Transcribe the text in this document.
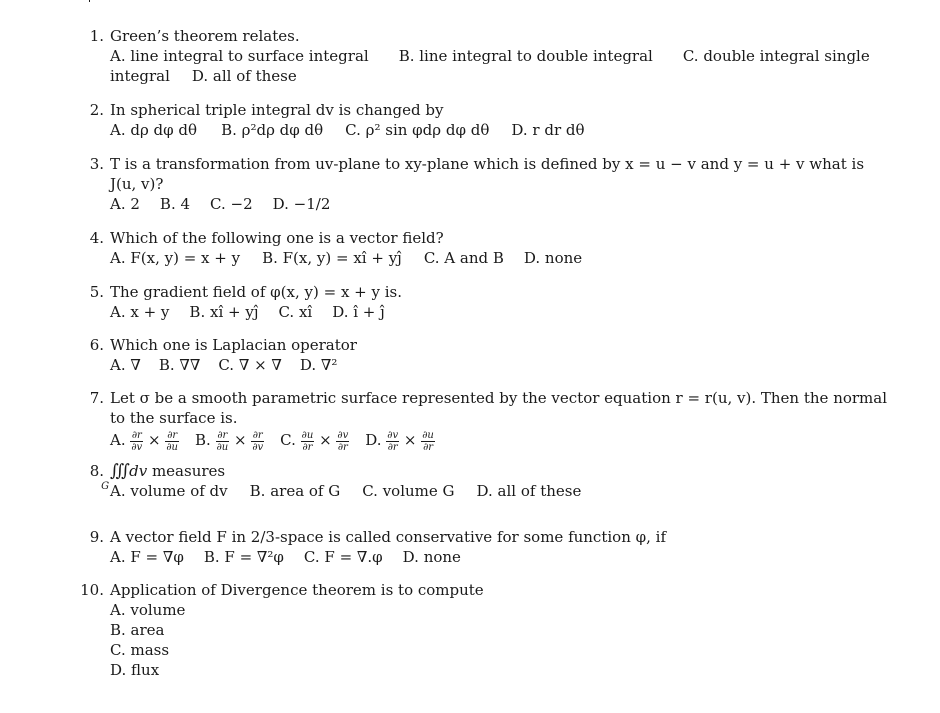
1. Green’s theorem relates.
A. line integral to surface integral B. line integral to double integral C. double integral single
integral D. all of these
2. In spherical triple integral dv is changed by
A. dρ dφ dθ B. ρ²dρ dφ dθ C. ρ² sin φdρ dφ dθ D. r dr dθ
3. T is a transformation from uv-plane to xy-plane which is defined by x = u − v and y = u + v what is
J(u, v)?
A. 2 B. 4 C. −2 D. −1/2
4. Which of the following one is a vector field?
A. F(x, y) = x + y B. F(x, y) = xî + yĵ C. A and B D. none
5. The gradient field of φ(x, y) = x + y is.
A. x + y B. xî + yĵ C. xî D. î + ĵ
6. Which one is Laplacian operator
A. ∇ B. ∇∇ C. ∇ × ∇ D. ∇²
7. Let σ be a smooth parametric surface represented by the vector equation r = r(u, v). Then the normal
to the surface is.
A. $\frac{\partial r}{\partial v} \times \frac{\partial r}{\partial u} B$. $\frac{\partial r}{\partial u} \times \frac{\partial r}{\partial v} C$. $\frac{\partial u}{\partial r} \times \frac{\partial v}{\partial r} D$. $\frac{\partial v}{\partial r} \times \frac{\partial u}{\partial r}$
8. $∭_Gdv$ measures
A. volume of dv B. area of G C. volume G D. all of these
9. A vector field F in 2/3-space is called conservative for some function φ, if
A. F = ∇φ B. F = ∇²φ C. F = ∇.φ D. none
10. Application of Divergence theorem is to compute
A. volume
B. area
C. mass
D. flux
